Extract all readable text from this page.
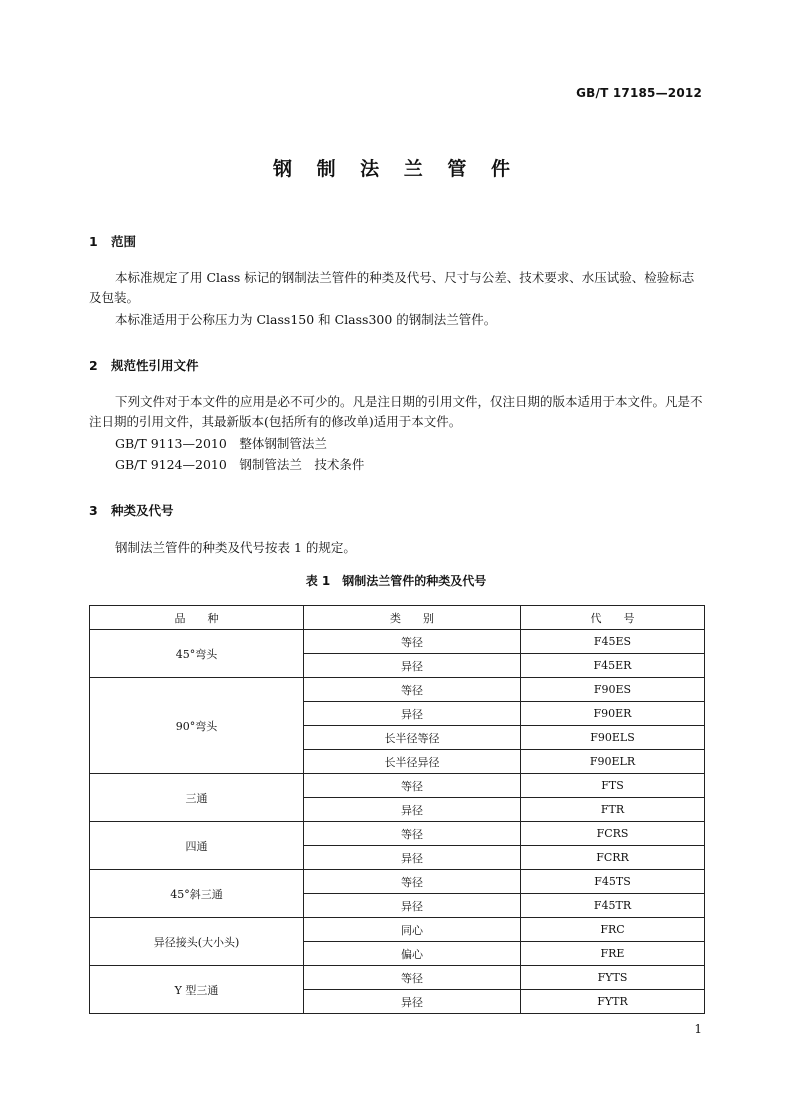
GB/T 17185—2012
钢 制 法 兰 管 件
1 范围
本标准规定了用 Class 标记的钢制法兰管件的种类及代号、尺寸与公差、技术要求、水压试验、检验标志及包装。
本标准适用于公称压力为 Class150 和 Class300 的钢制法兰管件。
2 规范性引用文件
下列文件对于本文件的应用是必不可少的。凡是注日期的引用文件，仅注日期的版本适用于本文件。凡是不注日期的引用文件，其最新版本(包括所有的修改单)适用于本文件。
GB/T 9113—2010　整体钢制管法兰
GB/T 9124—2010　钢制管法兰　技术条件
3 种类及代号
钢制法兰管件的种类及代号按表 1 的规定。
表 1　钢制法兰管件的种类及代号
品　　种	类　　别	代　　号
45°弯头	等径	F45ES
	异径	F45ER
90°弯头	等径	F90ES
	异径	F90ER
	长半径等径	F90ELS
	长半径异径	F90ELR
三通	等径	FTS
	异径	FTR
四通	等径	FCRS
	异径	FCRR
45°斜三通	等径	F45TS
	异径	F45TR
异径接头(大小头)	同心	FRC
	偏心	FRE
Y 型三通	等径	FYTS
	异径	FYTR
1
